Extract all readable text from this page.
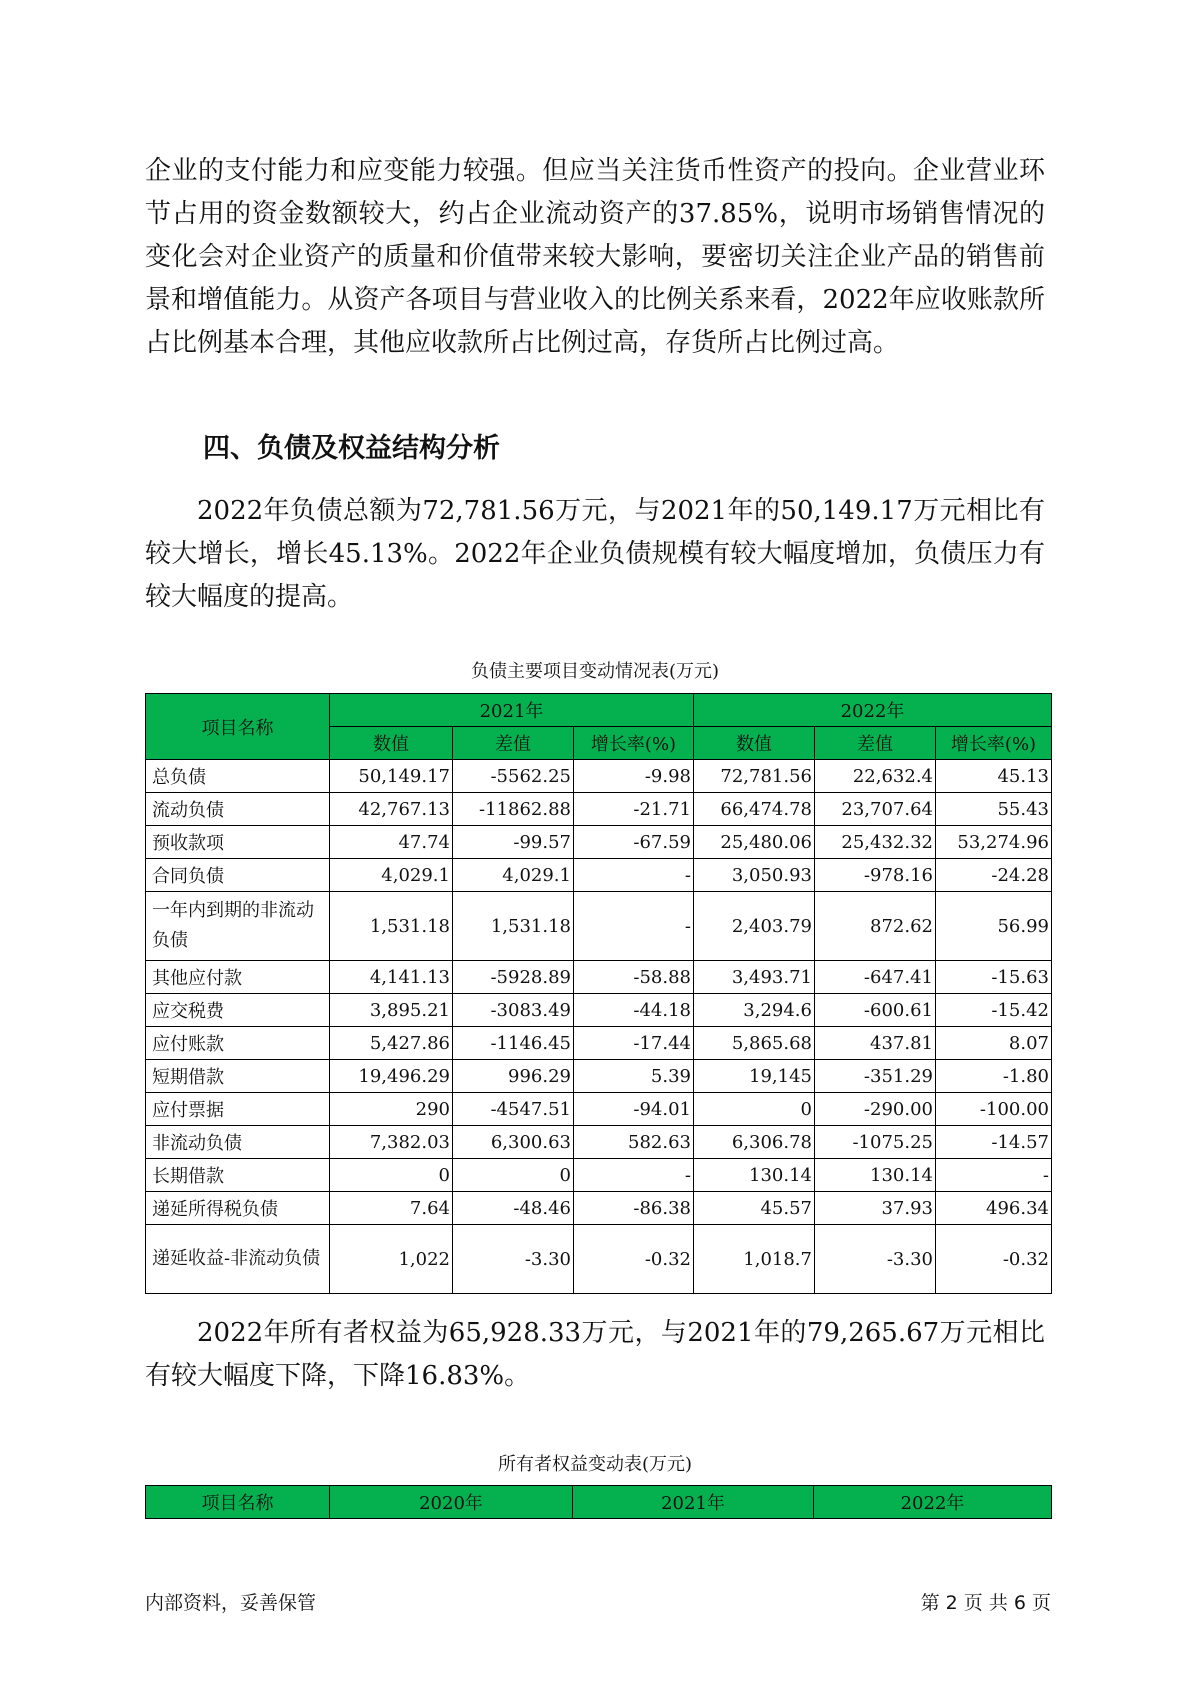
企业的支付能力和应变能力较强。但应当关注货币性资产的投向。企业营业环节占用的资金数额较大，约占企业流动资产的37.85%，说明市场销售情况的变化会对企业资产的质量和价值带来较大影响，要密切关注企业产品的销售前景和增值能力。从资产各项目与营业收入的比例关系来看，2022年应收账款所占比例基本合理，其他应收款所占比例过高，存货所占比例过高。

四、负债及权益结构分析

2022年负债总额为72,781.56万元，与2021年的50,149.17万元相比有较大增长，增长45.13%。2022年企业负债规模有较大幅度增加，负债压力有较大幅度的提高。

负债主要项目变动情况表(万元)
项目名称	2021年			2022年		
	数值	差值	增长率(%)	数值	差值	增长率(%)
总负债	50,149.17	-5562.25	-9.98	72,781.56	22,632.4	45.13
流动负债	42,767.13	-11862.88	-21.71	66,474.78	23,707.64	55.43
预收款项	47.74	-99.57	-67.59	25,480.06	25,432.32	53,274.96
合同负债	4,029.1	4,029.1	-	3,050.93	-978.16	-24.28
一年内到期的非流动负债	1,531.18	1,531.18	-	2,403.79	872.62	56.99
其他应付款	4,141.13	-5928.89	-58.88	3,493.71	-647.41	-15.63
应交税费	3,895.21	-3083.49	-44.18	3,294.6	-600.61	-15.42
应付账款	5,427.86	-1146.45	-17.44	5,865.68	437.81	8.07
短期借款	19,496.29	996.29	5.39	19,145	-351.29	-1.80
应付票据	290	-4547.51	-94.01	0	-290.00	-100.00
非流动负债	7,382.03	6,300.63	582.63	6,306.78	-1075.25	-14.57
长期借款	0	0	-	130.14	130.14	-
递延所得税负债	7.64	-48.46	-86.38	45.57	37.93	496.34
递延收益-非流动负债	1,022	-3.30	-0.32	1,018.7	-3.30	-0.32

2022年所有者权益为65,928.33万元，与2021年的79,265.67万元相比有较大幅度下降，下降16.83%。

所有者权益变动表(万元)
项目名称	2020年	2021年	2022年
内部资料，妥善保管	第 2 页 共 6 页
